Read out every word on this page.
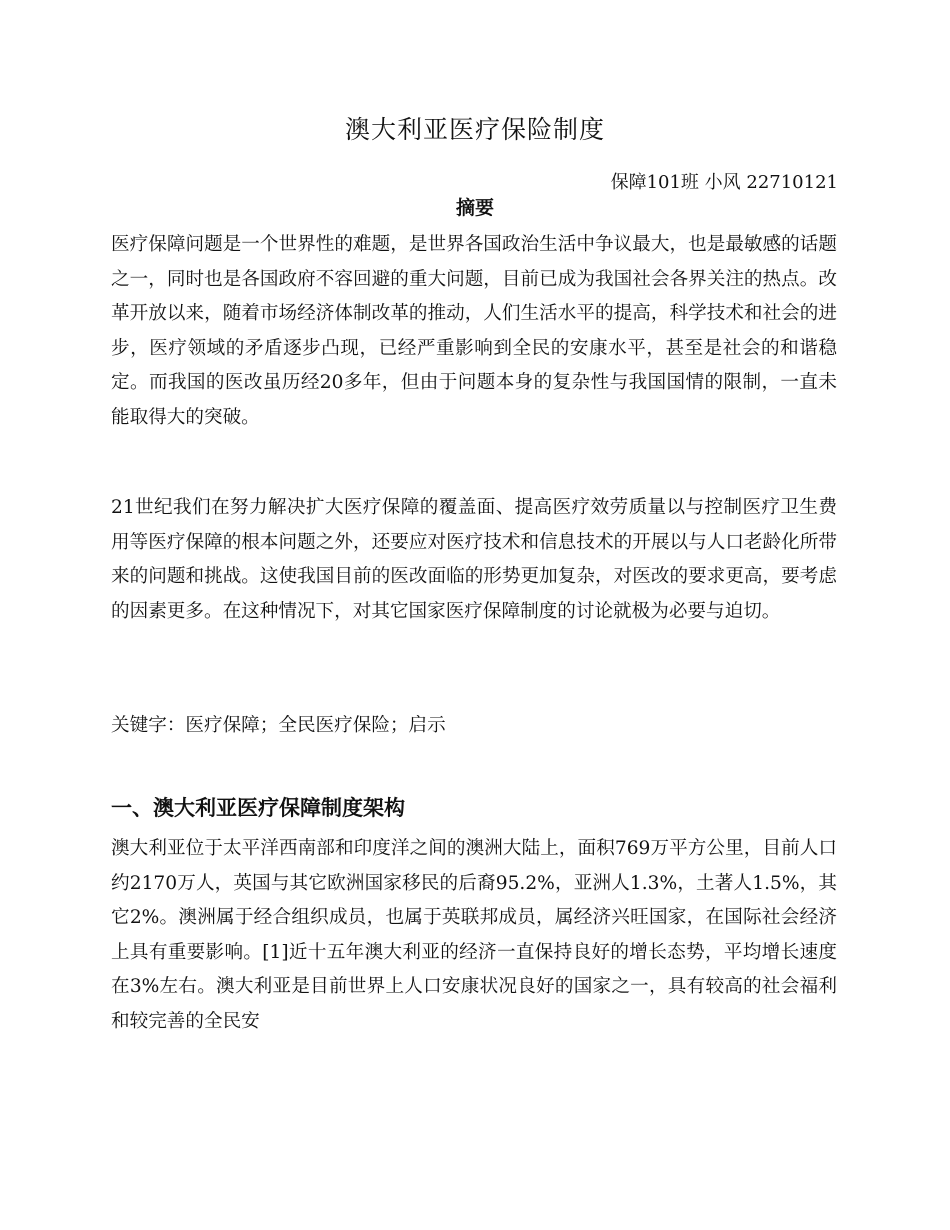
澳大利亚医疗保险制度

保障101班 小风 22710121

摘要

医疗保障问题是一个世界性的难题，是世界各国政治生活中争议最大，也是最敏感的话题之一，同时也是各国政府不容回避的重大问题，目前已成为我国社会各界关注的热点。改革开放以来，随着市场经济体制改革的推动，人们生活水平的提高，科学技术和社会的进步，医疗领域的矛盾逐步凸现，已经严重影响到全民的安康水平，甚至是社会的和谐稳定。而我国的医改虽历经20多年，但由于问题本身的复杂性与我国国情的限制，一直未能取得大的突破。

21世纪我们在努力解决扩大医疗保障的覆盖面、提高医疗效劳质量以与控制医疗卫生费用等医疗保障的根本问题之外，还要应对医疗技术和信息技术的开展以与人口老龄化所带来的问题和挑战。这使我国目前的医改面临的形势更加复杂，对医改的要求更高，要考虑的因素更多。在这种情况下，对其它国家医疗保障制度的讨论就极为必要与迫切。

关键字：医疗保障；全民医疗保险；启示

一、澳大利亚医疗保障制度架构

澳大利亚位于太平洋西南部和印度洋之间的澳洲大陆上，面积769万平方公里，目前人口约2170万人，英国与其它欧洲国家移民的后裔95.2%，亚洲人1.3%，土著人1.5%，其它2%。澳洲属于经合组织成员，也属于英联邦成员，属经济兴旺国家，在国际社会经济上具有重要影响。[1]近十五年澳大利亚的经济一直保持良好的增长态势，平均增长速度在3%左右。澳大利亚是目前世界上人口安康状况良好的国家之一，具有较高的社会福利和较完善的全民安
